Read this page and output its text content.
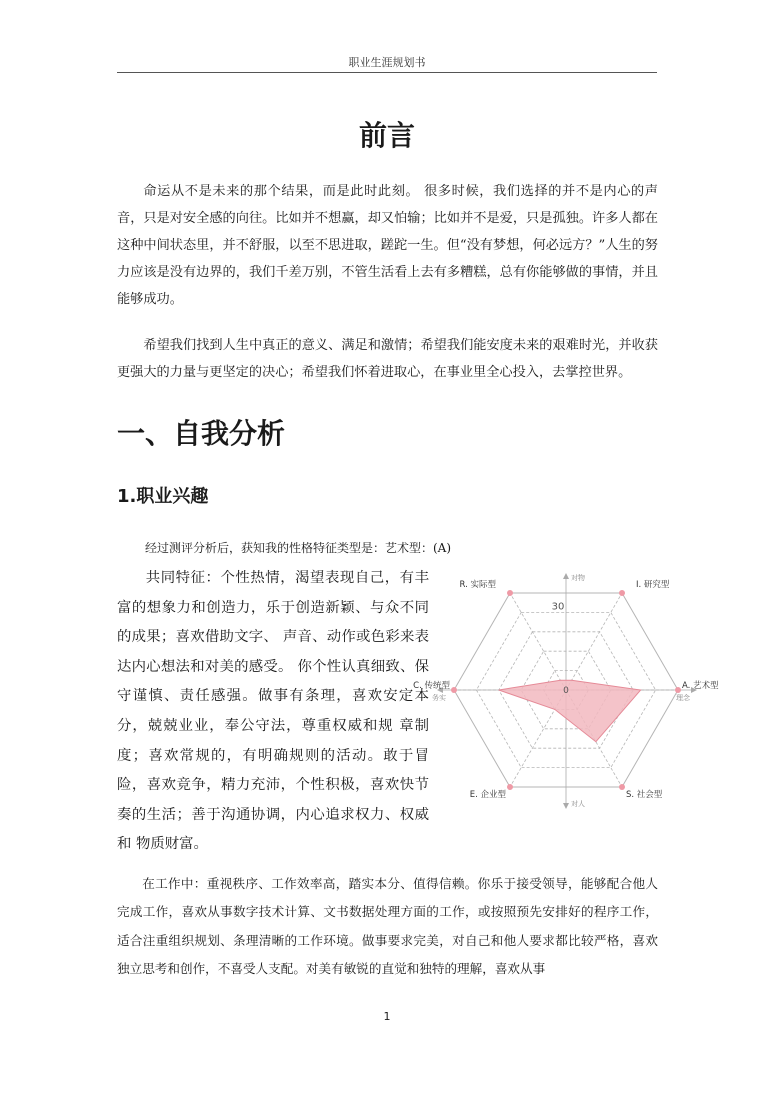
职业生涯规划书
前言

命运从不是未来的那个结果，而是此时此刻。 很多时候，我们选择的并不是内心的声音，只是对安全感的向往。比如并不想赢，却又怕输；比如并不是爱，只是孤独。许多人都在这种中间状态里，并不舒服，以至不思进取，蹉跎一生。但“没有梦想，何必远方？”人生的努力应该是没有边界的，我们千差万别，不管生活看上去有多糟糕，总有你能够做的事情，并且能够成功。

希望我们找到人生中真正的意义、满足和激情；希望我们能安度未来的艰难时光，并收获更强大的力量与更坚定的决心；希望我们怀着进取心，在事业里全心投入，去掌控世界。

一、自我分析
1.职业兴趣
经过测评分析后，获知我的性格特征类型是：艺术型：(A)

共同特征：个性热情，渴望表现自己，有丰富的想象力和创造力，乐于创造新颖、与众不同的成果；喜欢借助文字、 声音、动作或色彩来表达内心想法和对美的感受。 你个性认真细致、保守谨慎、责任感强。做事有条理，喜欢安定本分，兢兢业业，奉公守法，尊重权威和规 章制度；喜欢常规的，有明确规则的活动。敢于冒险，喜欢竞争，精力充沛，个性积极，喜欢快节奏的生活；善于沟通协调，内心追求权力、权威和 物质财富。

R. 实际型	I. 研究型
A. 艺术型
S. 社会型
E. 企业型
C. 传统型	0
30
对物
对人
务实	理念

在工作中：重视秩序、工作效率高，踏实本分、值得信赖。你乐于接受领导，能够配合他人完成工作，喜欢从事数字技术计算、文书数据处理方面的工作，或按照预先安排好的程序工作，适合注重组织规划、条理清晰的工作环境。做事要求完美，对自己和他人要求都比较严格，喜欢独立思考和创作，不喜受人支配。对美有敏锐的直觉和独特的理解，喜欢从事

1
